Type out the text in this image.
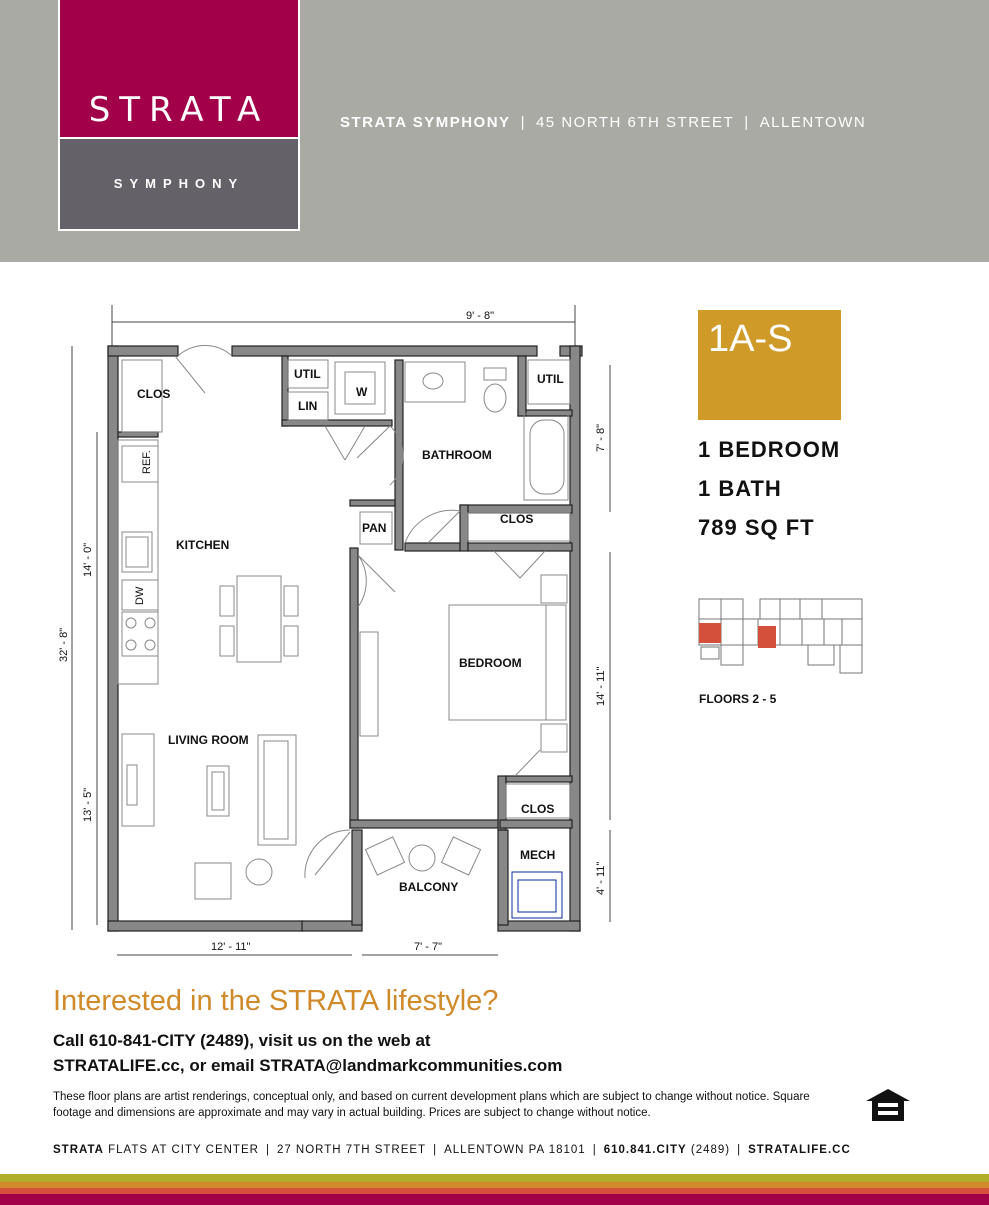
STRATA
SYMPHONY
STRATA SYMPHONY | 45 NORTH 6TH STREET | ALLENTOWN
CLOS
UTIL
LIN
W
UTIL
BATHROOM
KITCHEN
PAN
CLOS
BEDROOM
LIVING ROOM
CLOS
MECH
BALCONY
REF.
DW
9' - 8"
7' - 8"
14' - 0"
32' - 8"
14' - 11"
13' - 5"
4' - 11"
12' - 11"	7' - 7"
1A-S
1 BEDROOM
1 BATH
789 SQ FT
FLOORS 2 - 5
Interested in the STRATA lifestyle?
Call 610-841-CITY (2489), visit us on the web at
STRATALIFE.cc, or email STRATA@landmarkcommunities.com
These floor plans are artist renderings, conceptual only, and based on current development plans which are subject to change without notice. Square footage and dimensions are approximate and may vary in actual building. Prices are subject to change without notice.
STRATA FLATS AT CITY CENTER | 27 NORTH 7TH STREET | ALLENTOWN PA 18101 | 610.841.CITY (2489) | STRATALIFE.CC
